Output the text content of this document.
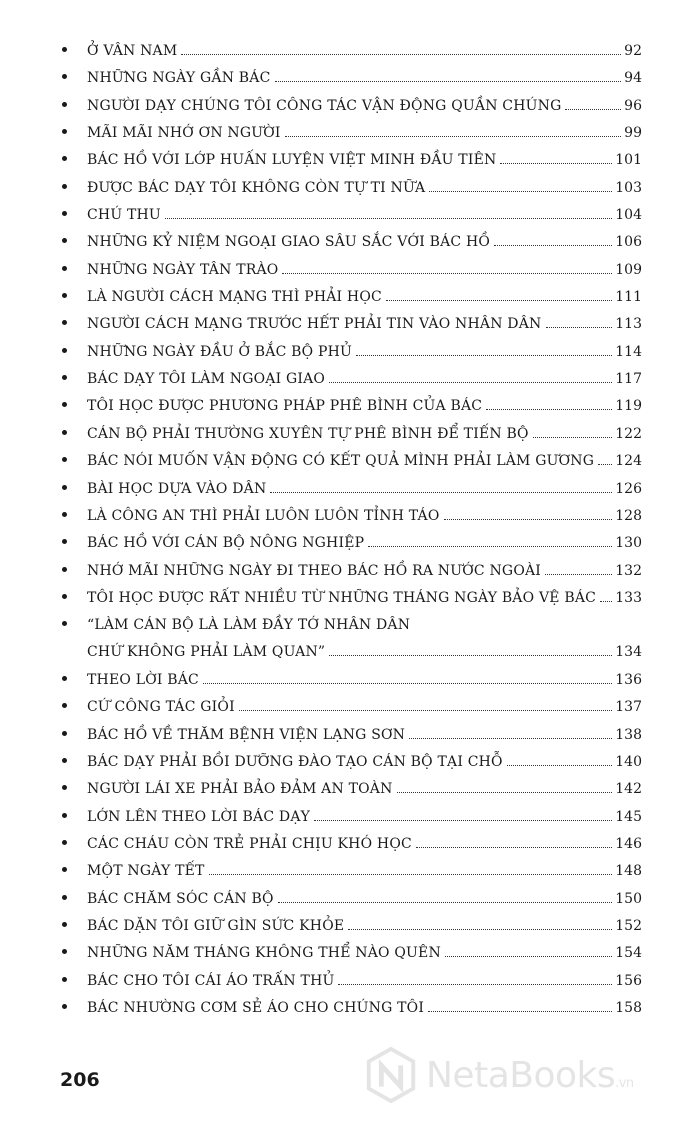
Ở VÂN NAM	92
NHỮNG NGÀY GẦN BÁC	94
NGƯỜI DẠY CHÚNG TÔI CÔNG TÁC VẬN ĐỘNG QUẦN CHÚNG	96
MÃI MÃI NHỚ ƠN NGƯỜI	99
BÁC HỒ VỚI LỚP HUẤN LUYỆN VIỆT MINH ĐẦU TIÊN	101
ĐƯỢC BÁC DẠY TÔI KHÔNG CÒN TỰ TI NỮA	103
CHÚ THU	104
NHỮNG KỶ NIỆM NGOẠI GIAO SÂU SẮC VỚI BÁC HỒ	106
NHỮNG NGÀY TÂN TRÀO	109
LÀ NGƯỜI CÁCH MẠNG THÌ PHẢI HỌC	111
NGƯỜI CÁCH MẠNG TRƯỚC HẾT PHẢI TIN VÀO NHÂN DÂN	113
NHỮNG NGÀY ĐẦU Ở BẮC BỘ PHỦ	114
BÁC DẠY TÔI LÀM NGOẠI GIAO	117
TÔI HỌC ĐƯỢC PHƯƠNG PHÁP PHÊ BÌNH CỦA BÁC	119
CÁN BỘ PHẢI THƯỜNG XUYÊN TỰ PHÊ BÌNH ĐỂ TIẾN BỘ	122
BÁC NÓI MUỐN VẬN ĐỘNG CÓ KẾT QUẢ MÌNH PHẢI LÀM GƯƠNG 124
BÀI HỌC DỰA VÀO DÂN	126
LÀ CÔNG AN THÌ PHẢI LUÔN LUÔN TỈNH TÁO	128
BÁC HỒ VỚI CÁN BỘ NÔNG NGHIỆP	130
NHỚ MÃI NHỮNG NGÀY ĐI THEO BÁC HỒ RA NƯỚC NGOÀI	132
TÔI HỌC ĐƯỢC RẤT NHIỀU TỪ NHỮNG THÁNG NGÀY BẢO VỆ BÁC 133
“LÀM CÁN BỘ LÀ LÀM ĐẦY TỚ NHÂN DÂN
CHỨ KHÔNG PHẢI LÀM QUAN”	134
THEO LỜI BÁC	136
CỨ CÔNG TÁC GIỎI	137
BÁC HỒ VỀ THĂM BỆNH VIỆN LẠNG SƠN	138
BÁC DẠY PHẢI BỒI DƯỠNG ĐÀO TẠO CÁN BỘ TẠI CHỖ	140
NGƯỜI LÁI XE PHẢI BẢO ĐẢM AN TOÀN	142
LỚN LÊN THEO LỜI BÁC DẠY	145
CÁC CHÁU CÒN TRẺ PHẢI CHỊU KHÓ HỌC	146
MỘT NGÀY TẾT	148
BÁC CHĂM SÓC CÁN BỘ	150
BÁC DẶN TÔI GIỮ GÌN SỨC KHỎE	152
NHỮNG NĂM THÁNG KHÔNG THỂ NÀO QUÊN	154
BÁC CHO TÔI CÁI ÁO TRẤN THỦ	156
BÁC NHƯỜNG CƠM SẺ ÁO CHO CHÚNG TÔI	158
206	NetaBooks.vn
